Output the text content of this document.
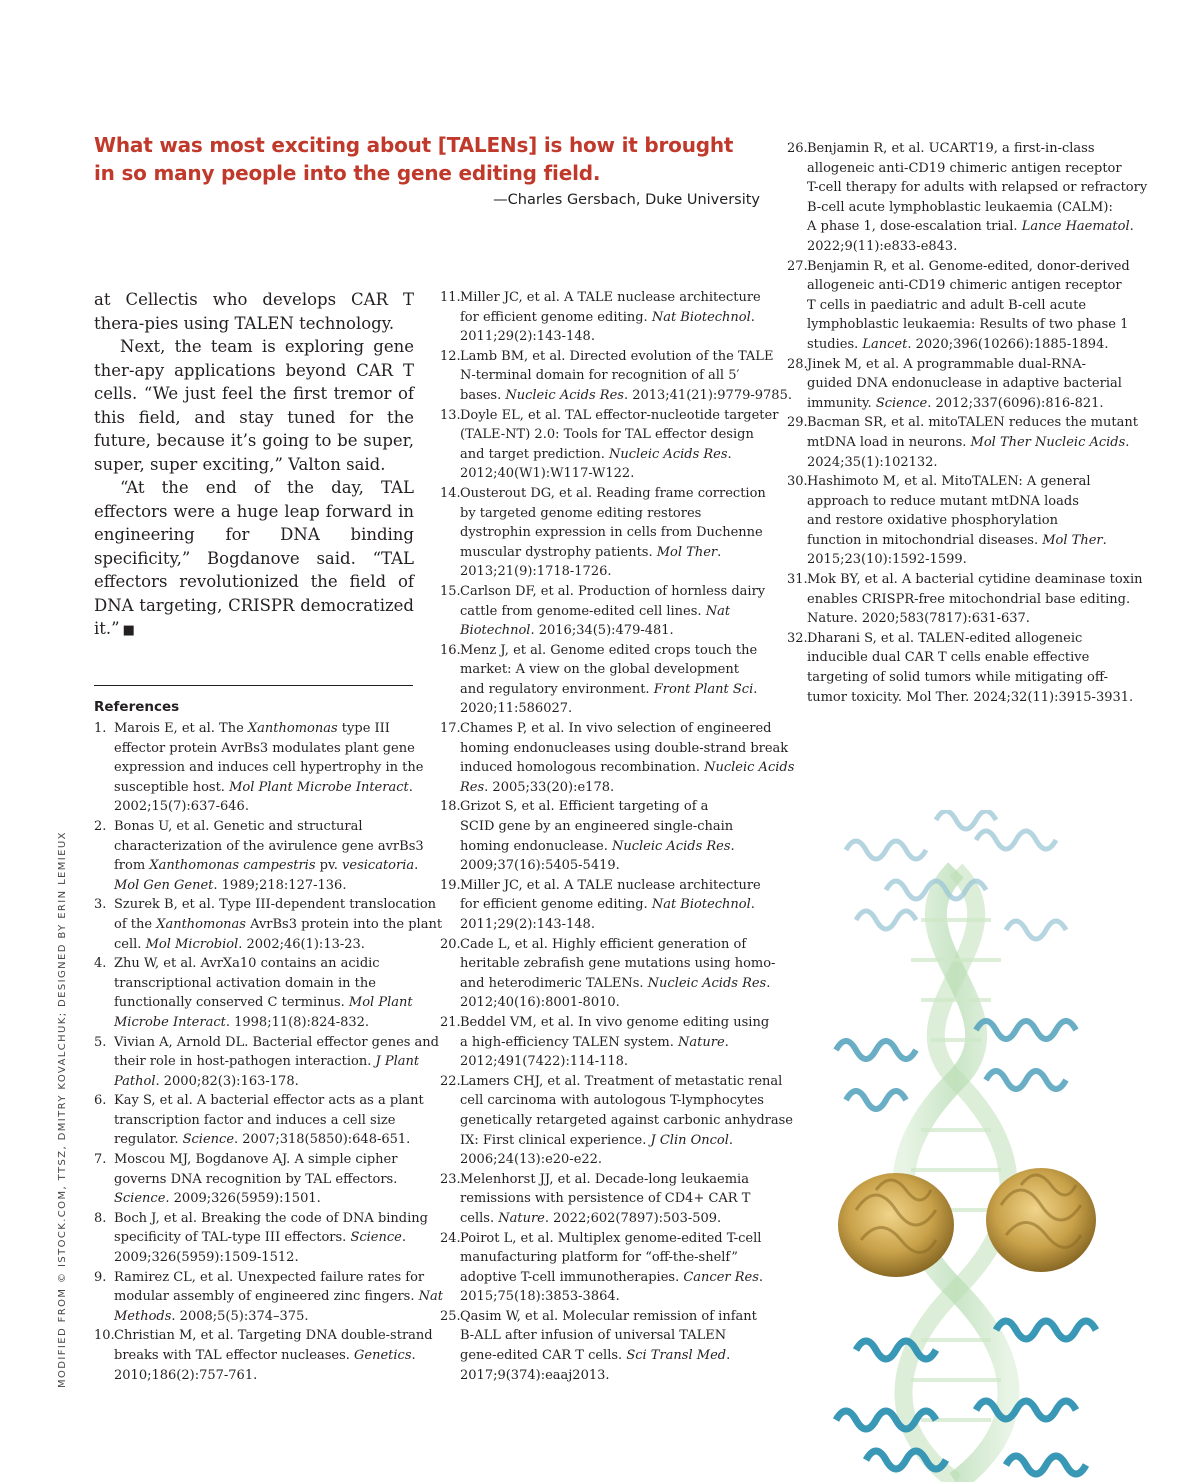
What was most exciting about [TALENs] is how it brought
in so many people into the gene editing field.
—Charles Gersbach, Duke University

at Cellectis who develops CAR T thera-pies using TALEN technology.

Next, the team is exploring gene ther-apy applications beyond CAR T cells. “We just feel the first tremor of this field, and stay tuned for the future, because it’s going to be super, super, super exciting,” Valton said.

“At the end of the day, TAL effectors were a huge leap forward in engineering for DNA binding specificity,” Bogdanove said. “TAL effectors revolutionized the field of DNA targeting, CRISPR democratized it.” ■

References
1. Marois E, et al. The Xanthomonas type III
effector protein AvrBs3 modulates plant gene
expression and induces cell hypertrophy in the
susceptible host. Mol Plant Microbe Interact.
2002;15(7):637-646.
2. Bonas U, et al. Genetic and structural
characterization of the avirulence gene avrBs3
from Xanthomonas campestris pv. vesicatoria.
Mol Gen Genet. 1989;218:127-136.
3. Szurek B, et al. Type III-dependent translocation
of the Xanthomonas AvrBs3 protein into the plant
cell. Mol Microbiol. 2002;46(1):13-23.
4. Zhu W, et al. AvrXa10 contains an acidic
transcriptional activation domain in the
functionally conserved C terminus. Mol Plant
Microbe Interact. 1998;11(8):824-832.
5. Vivian A, Arnold DL. Bacterial effector genes and
their role in host-pathogen interaction. J Plant
Pathol. 2000;82(3):163-178.
6. Kay S, et al. A bacterial effector acts as a plant
transcription factor and induces a cell size
regulator. Science. 2007;318(5850):648-651.
7. Moscou MJ, Bogdanove AJ. A simple cipher
governs DNA recognition by TAL effectors.
Science. 2009;326(5959):1501.
8. Boch J, et al. Breaking the code of DNA binding
specificity of TAL-type III effectors. Science.
2009;326(5959):1509-1512.
9. Ramirez CL, et al. Unexpected failure rates for
modular assembly of engineered zinc fingers. Nat
Methods. 2008;5(5):374–375.
10. Christian M, et al. Targeting DNA double-strand
breaks with TAL effector nucleases. Genetics.
2010;186(2):757-761.
11. Miller JC, et al. A TALE nuclease architecture
for efficient genome editing. Nat Biotechnol.
2011;29(2):143-148.
12. Lamb BM, et al. Directed evolution of the TALE
N-terminal domain for recognition of all 5′
bases. Nucleic Acids Res. 2013;41(21):9779-9785.
13. Doyle EL, et al. TAL effector-nucleotide targeter
(TALE-NT) 2.0: Tools for TAL effector design
and target prediction. Nucleic Acids Res.
2012;40(W1):W117-W122.
14. Ousterout DG, et al. Reading frame correction
by targeted genome editing restores
dystrophin expression in cells from Duchenne
muscular dystrophy patients. Mol Ther.
2013;21(9):1718-1726.
15. Carlson DF, et al. Production of hornless dairy
cattle from genome-edited cell lines. Nat
Biotechnol. 2016;34(5):479-481.
16. Menz J, et al. Genome edited crops touch the
market: A view on the global development
and regulatory environment. Front Plant Sci.
2020;11:586027.
17. Chames P, et al. In vivo selection of engineered
homing endonucleases using double-strand break
induced homologous recombination. Nucleic Acids
Res. 2005;33(20):e178.
18. Grizot S, et al. Efficient targeting of a
SCID gene by an engineered single-chain
homing endonuclease. Nucleic Acids Res.
2009;37(16):5405-5419.
19. Miller JC, et al. A TALE nuclease architecture
for efficient genome editing. Nat Biotechnol.
2011;29(2):143-148.
20. Cade L, et al. Highly efficient generation of
heritable zebrafish gene mutations using homo-
and heterodimeric TALENs. Nucleic Acids Res.
2012;40(16):8001-8010.
21. Beddel VM, et al. In vivo genome editing using
a high-efficiency TALEN system. Nature.
2012;491(7422):114-118.
22. Lamers CHJ, et al. Treatment of metastatic renal
cell carcinoma with autologous T-lymphocytes
genetically retargeted against carbonic anhydrase
IX: First clinical experience. J Clin Oncol.
2006;24(13):e20-e22.
23. Melenhorst JJ, et al. Decade-long leukaemia
remissions with persistence of CD4+ CAR T
cells. Nature. 2022;602(7897):503-509.
24. Poirot L, et al. Multiplex genome-edited T-cell
manufacturing platform for “off-the-shelf”
adoptive T-cell immunotherapies. Cancer Res.
2015;75(18):3853-3864.
25. Qasim W, et al. Molecular remission of infant
B-ALL after infusion of universal TALEN
gene-edited CAR T cells. Sci Transl Med.
2017;9(374):eaaj2013.
26. Benjamin R, et al. UCART19, a first-in-class
allogeneic anti-CD19 chimeric antigen receptor
T-cell therapy for adults with relapsed or refractory
B-cell acute lymphoblastic leukaemia (CALM):
A phase 1, dose-escalation trial. Lance Haematol.
2022;9(11):e833-e843.
27. Benjamin R, et al. Genome-edited, donor-derived
allogeneic anti-CD19 chimeric antigen receptor
T cells in paediatric and adult B-cell acute
lymphoblastic leukaemia: Results of two phase 1
studies. Lancet. 2020;396(10266):1885-1894.
28. Jinek M, et al. A programmable dual-RNA-
guided DNA endonuclease in adaptive bacterial
immunity. Science. 2012;337(6096):816-821.
29. Bacman SR, et al. mitoTALEN reduces the mutant
mtDNA load in neurons. Mol Ther Nucleic Acids.
2024;35(1):102132.
30. Hashimoto M, et al. MitoTALEN: A general
approach to reduce mutant mtDNA loads
and restore oxidative phosphorylation
function in mitochondrial diseases. Mol Ther.
2015;23(10):1592-1599.
31. Mok BY, et al. A bacterial cytidine deaminase toxin
enables CRISPR-free mitochondrial base editing.
Nature. 2020;583(7817):631-637.
32. Dharani S, et al. TALEN-edited allogeneic
inducible dual CAR T cells enable effective
targeting of solid tumors while mitigating off-
tumor toxicity. Mol Ther. 2024;32(11):3915-3931.
MODIFIED FROM © ISTOCK.COM, TTSZ, DMITRY KOVALCHUK; DESIGNED BY ERIN LEMIEUX
